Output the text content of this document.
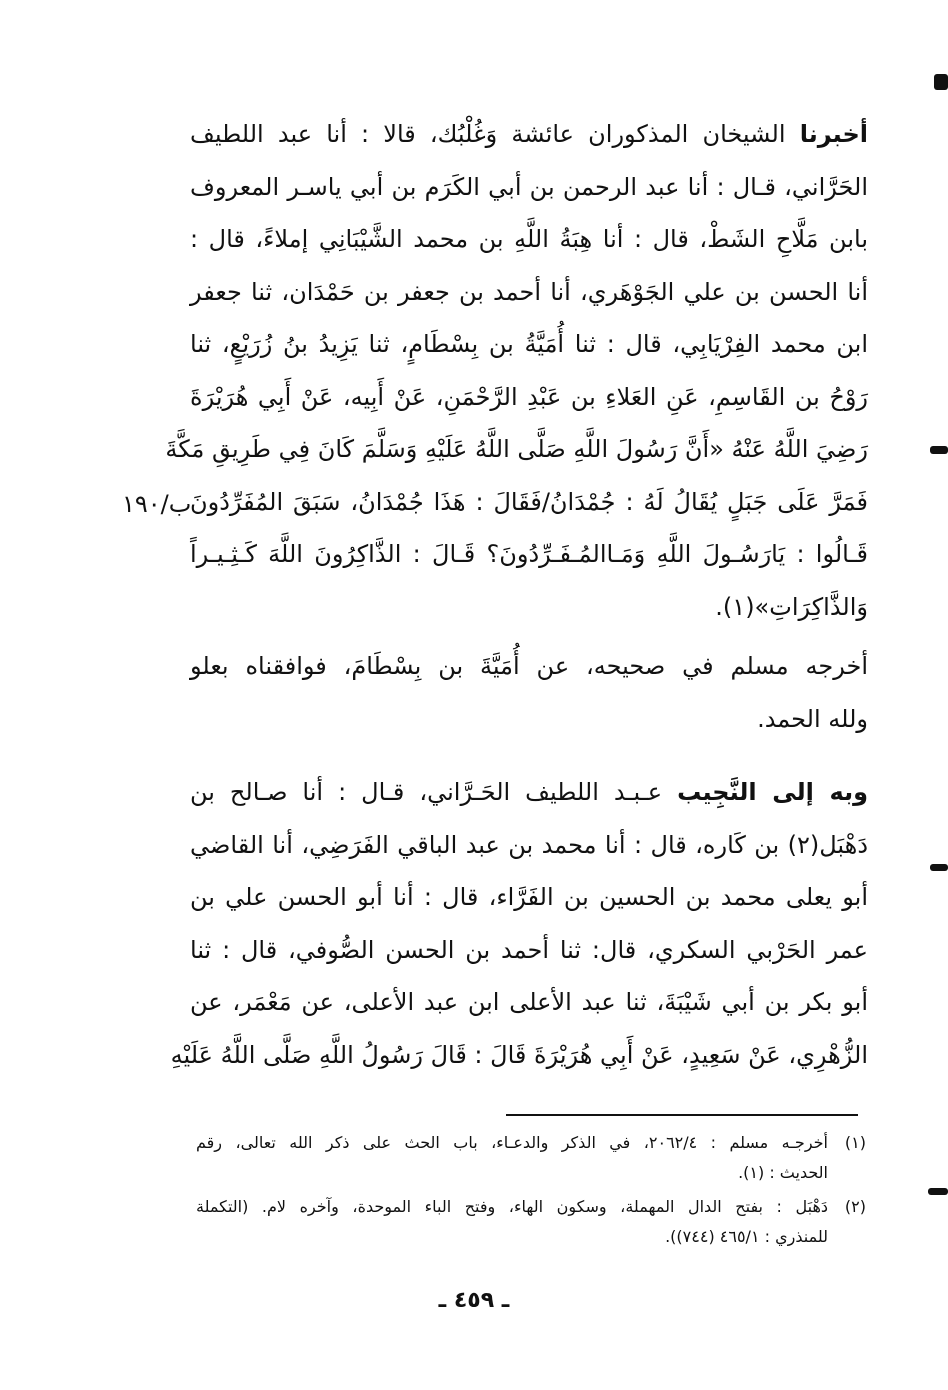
أخبرنا الشيخان المذكوران عائشة وَغُلْبُك، قالا : أنا عبد اللطيف
الحَرَّاني، قـال : أنا عبد الرحمن بن أبي الكَرَم بن أبي ياسـر المعروف
بابن مَلَّاحِ الشَطْ، قال : أنا هِبَةُ اللَّهِ بن محمد الشَّيْبَانِي إملاءً، قال :
أنا الحسن بن علي الجَوْهَري، أنا أحمد بن جعفر بن حَمْدَان، ثنا جعفر
ابن محمد الفِرْيَابِي، قال : ثنا أُمَيَّةُ بن بِسْطَامٍ، ثنا يَزِيدُ بنُ زُرَيْعٍ، ثنا
رَوْحُ بن القَاسِمِ، عَنِ العَلاءِ بن عَبْدِ الرَّحْمَنِ، عَنْ أَبِيه، عَنْ أَبِي هُرَيْرَةَ
رَضِيَ اللَّهُ عَنْهُ «أَنَّ رَسُولَ اللَّهِ صَلَّى اللَّهُ عَلَيْهِ وَسَلَّمَ كَانَ فِي طَرِيقِ مَكَّةَ
فَمَرَّ عَلَى جَبَلٍ يُقَالُ لَهُ : جُمْدَانُ/فَقَالَ : هَذَا جُمْدَانُ، سَبَقَ المُفَرِّدُونَ
قَـالُوا : يَارَسُـولَ اللَّهِ وَمَـاالمُـفَـرِّدُونَ؟ قَـالَ : الذَّاكِرُونَ اللَّهَ كَـثِـيـراً
وَالذَّاكِرَاتِ»(١).
ب/١٩٠
أخرجه مسلم في صحيحه، عن أُمَيَّةَ بن بِسْطَامَ، فوافقناه بعلو
ولله الحمد.
وبه إلى النَّجِيب عـبـد اللطيف الحَـرَّاني، قـال : أنا صـالح بن
دَهْبَل(٢) بن كَاره، قال : أنا محمد بن عبد الباقي الفَرَضِي، أنا القاضي
أبو يعلى محمد بن الحسين بن الفَرَّاء، قال : أنا أبو الحسن علي بن
عمر الحَرْبي السكري، قال: ثنا أحمد بن الحسن الصُّوفي، قال : ثنا
أبو بكر بن أبي شَيْبَةَ، ثنا عبد الأعلى ابن عبد الأعلى، عن مَعْمَر، عن
الزُّهْرِي، عَنْ سَعِيدٍ، عَنْ أَبِي هُرَيْرَةَ قَالَ : قَالَ رَسُولُ اللَّهِ صَلَّى اللَّهُ عَلَيْهِ
(١)
أخرجـه مسلم : ٢٠٦٢/٤، في الذكر والدعـاء، باب الحث على ذكر الله تعالى، رقم
الحديث : (١).
(٢)
دَهْبَل : بفتح الدال المهملة، وسكون الهاء، وفتح الباء الموحدة، وآخره لام. (التكملة
للمنذري : ٤٦٥/١ (٧٤٤)).
ـ ٤٥٩ ـ
